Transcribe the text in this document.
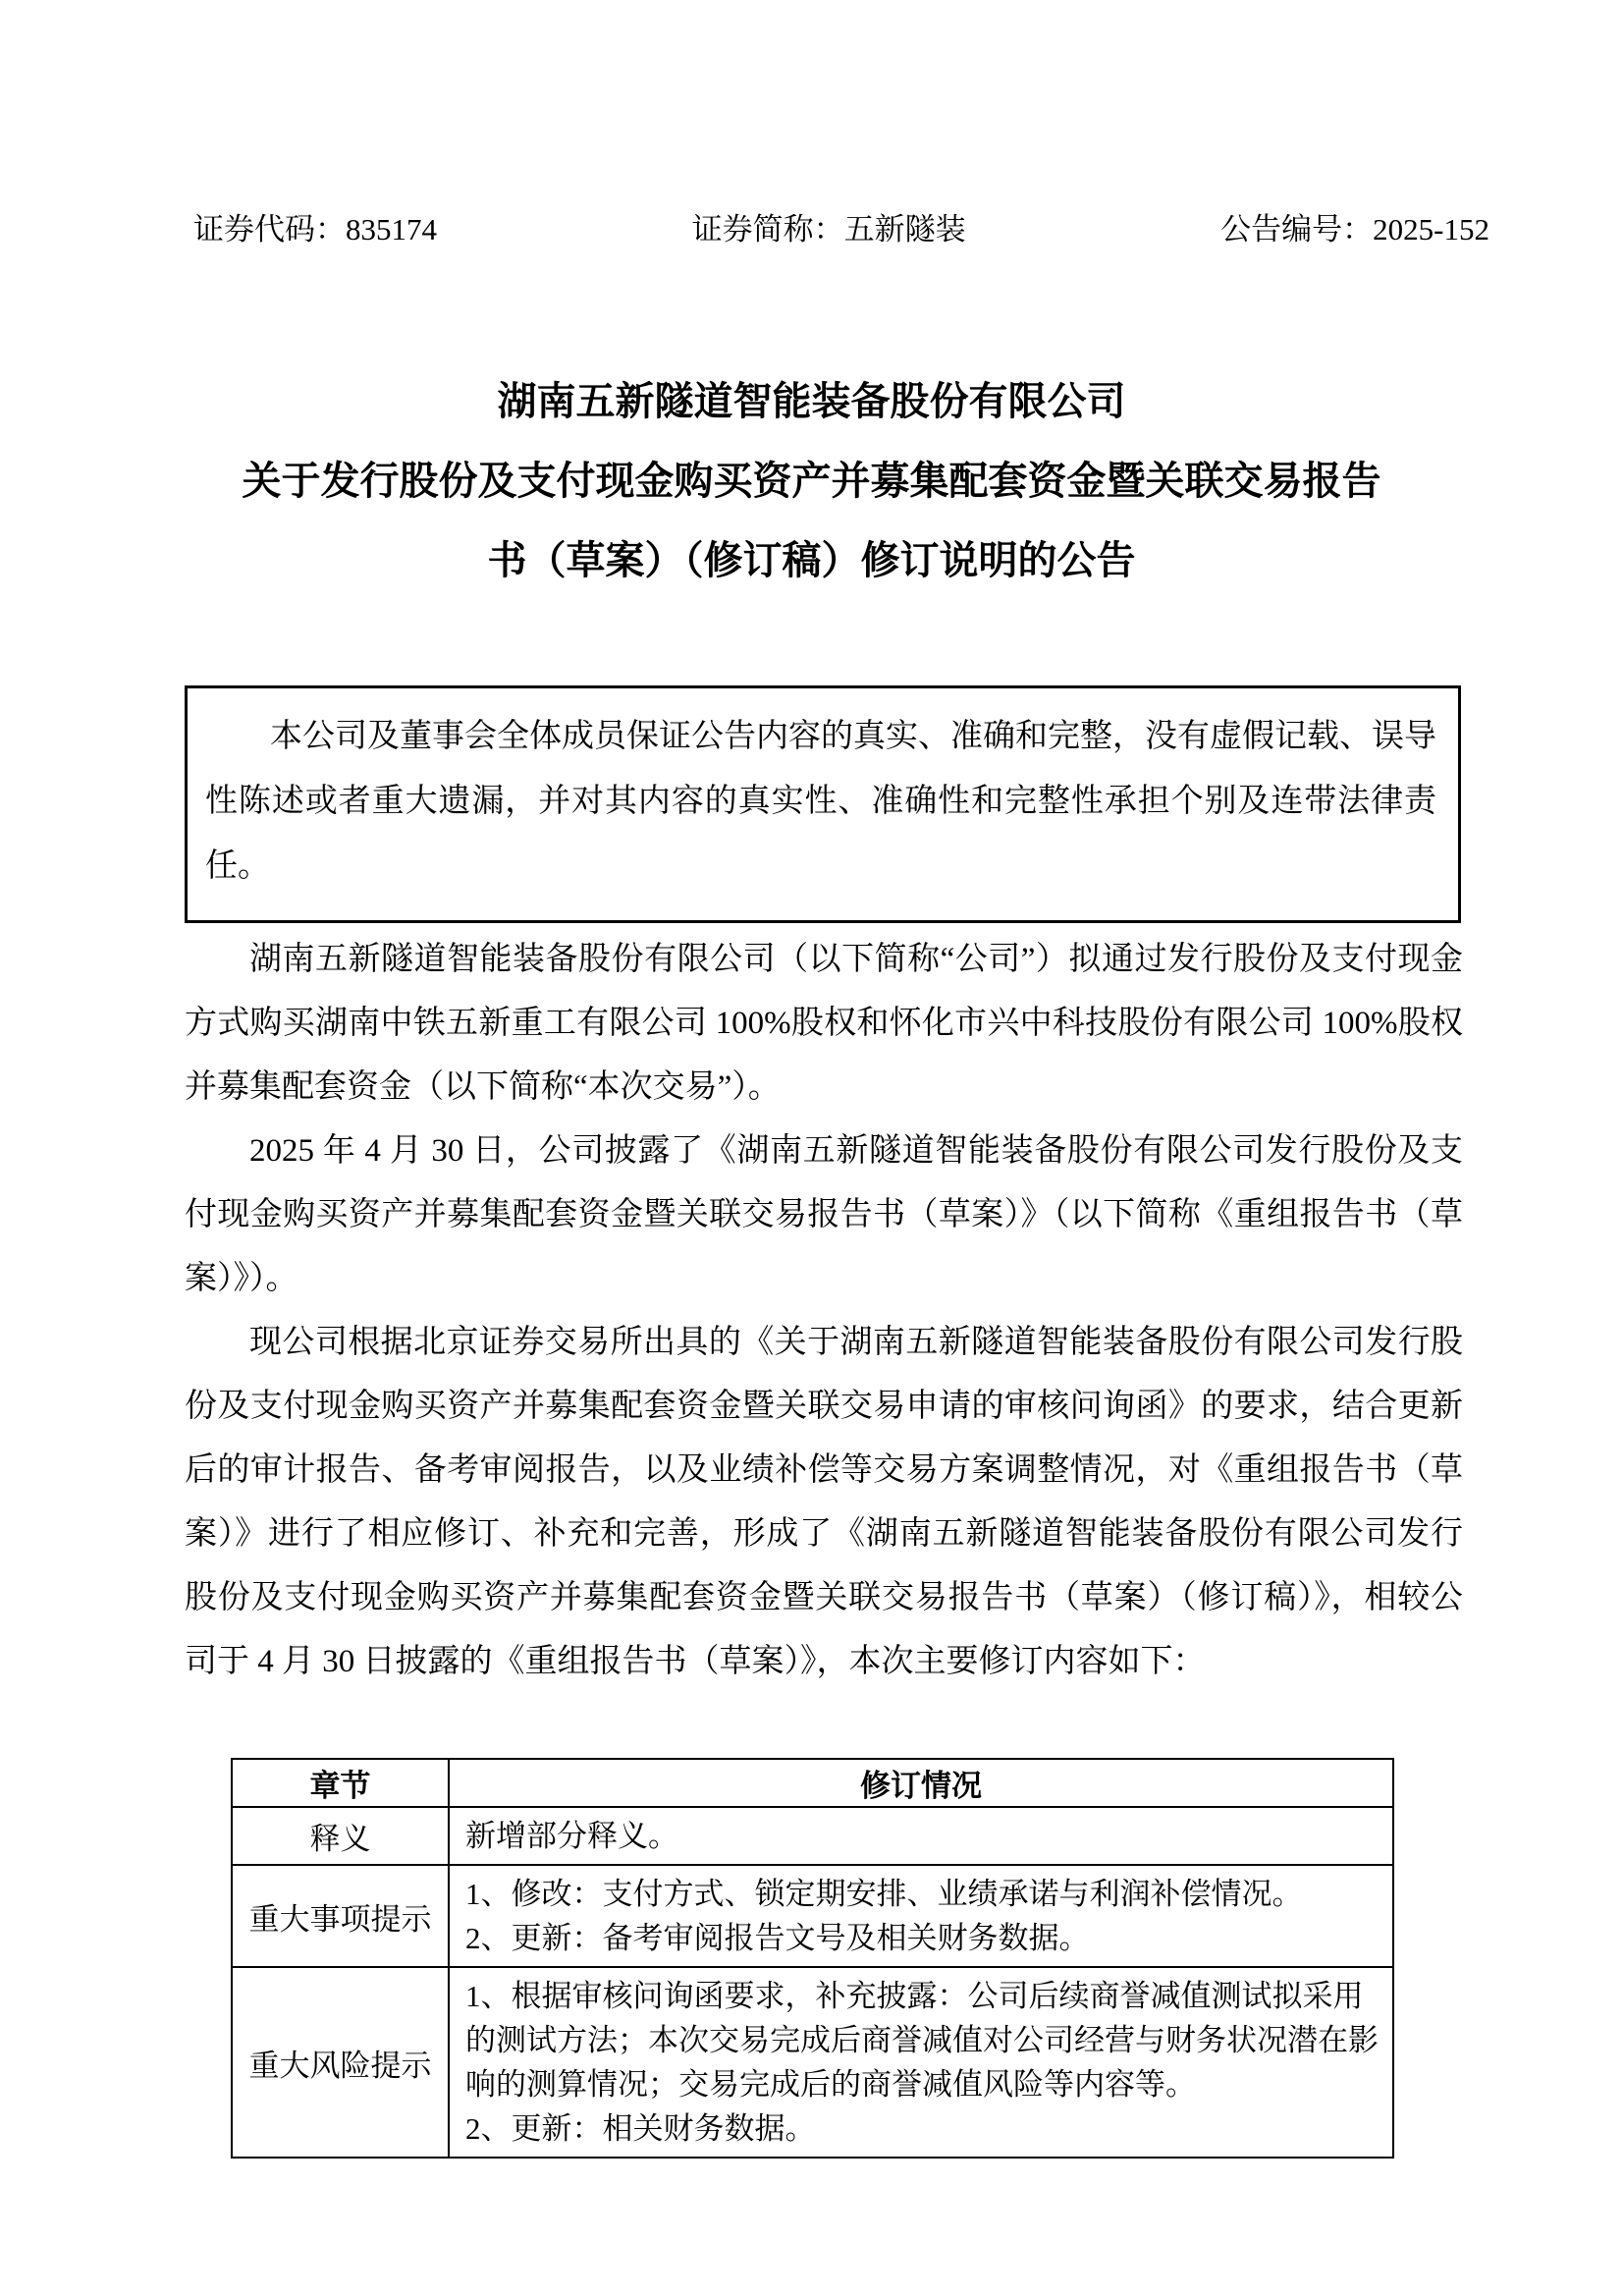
证券代码：835174	证券简称：五新隧装	公告编号：2025-152
湖南五新隧道智能装备股份有限公司
关于发行股份及支付现金购买资产并募集配套资金暨关联交易报告
书（草案）（修订稿）修订说明的公告
本公司及董事会全体成员保证公告内容的真实、准确和完整，没有虚假记载、误导性陈述或者重大遗漏，并对其内容的真实性、准确性和完整性承担个别及连带法律责任。

湖南五新隧道智能装备股份有限公司（以下简称“公司”）拟通过发行股份及支付现金方式购买湖南中铁五新重工有限公司 100%股权和怀化市兴中科技股份有限公司 100%股权并募集配套资金（以下简称“本次交易”）。

2025 年 4 月 30 日，公司披露了《湖南五新隧道智能装备股份有限公司发行股份及支付现金购买资产并募集配套资金暨关联交易报告书（草案）》（以下简称《重组报告书（草案）》）。

现公司根据北京证券交易所出具的《关于湖南五新隧道智能装备股份有限公司发行股份及支付现金购买资产并募集配套资金暨关联交易申请的审核问询函》的要求，结合更新后的审计报告、备考审阅报告，以及业绩补偿等交易方案调整情况，对《重组报告书（草案）》进行了相应修订、补充和完善，形成了《湖南五新隧道智能装备股份有限公司发行股份及支付现金购买资产并募集配套资金暨关联交易报告书（草案）（修订稿）》，相较公司于 4 月 30 日披露的《重组报告书（草案）》，本次主要修订内容如下：

章节	修订情况
释义	新增部分释义。

重大事项提示	1、修改：支付方式、锁定期安排、业绩承诺与利润补偿情况。
2、更新：备考审阅报告文号及相关财务数据。

重大风险提示	1、根据审核问询函要求，补充披露：公司后续商誉减值测试拟采用的测试方法；本次交易完成后商誉减值对公司经营与财务状况潜在影响的测算情况；交易完成后的商誉减值风险等内容等。
2、更新：相关财务数据。
